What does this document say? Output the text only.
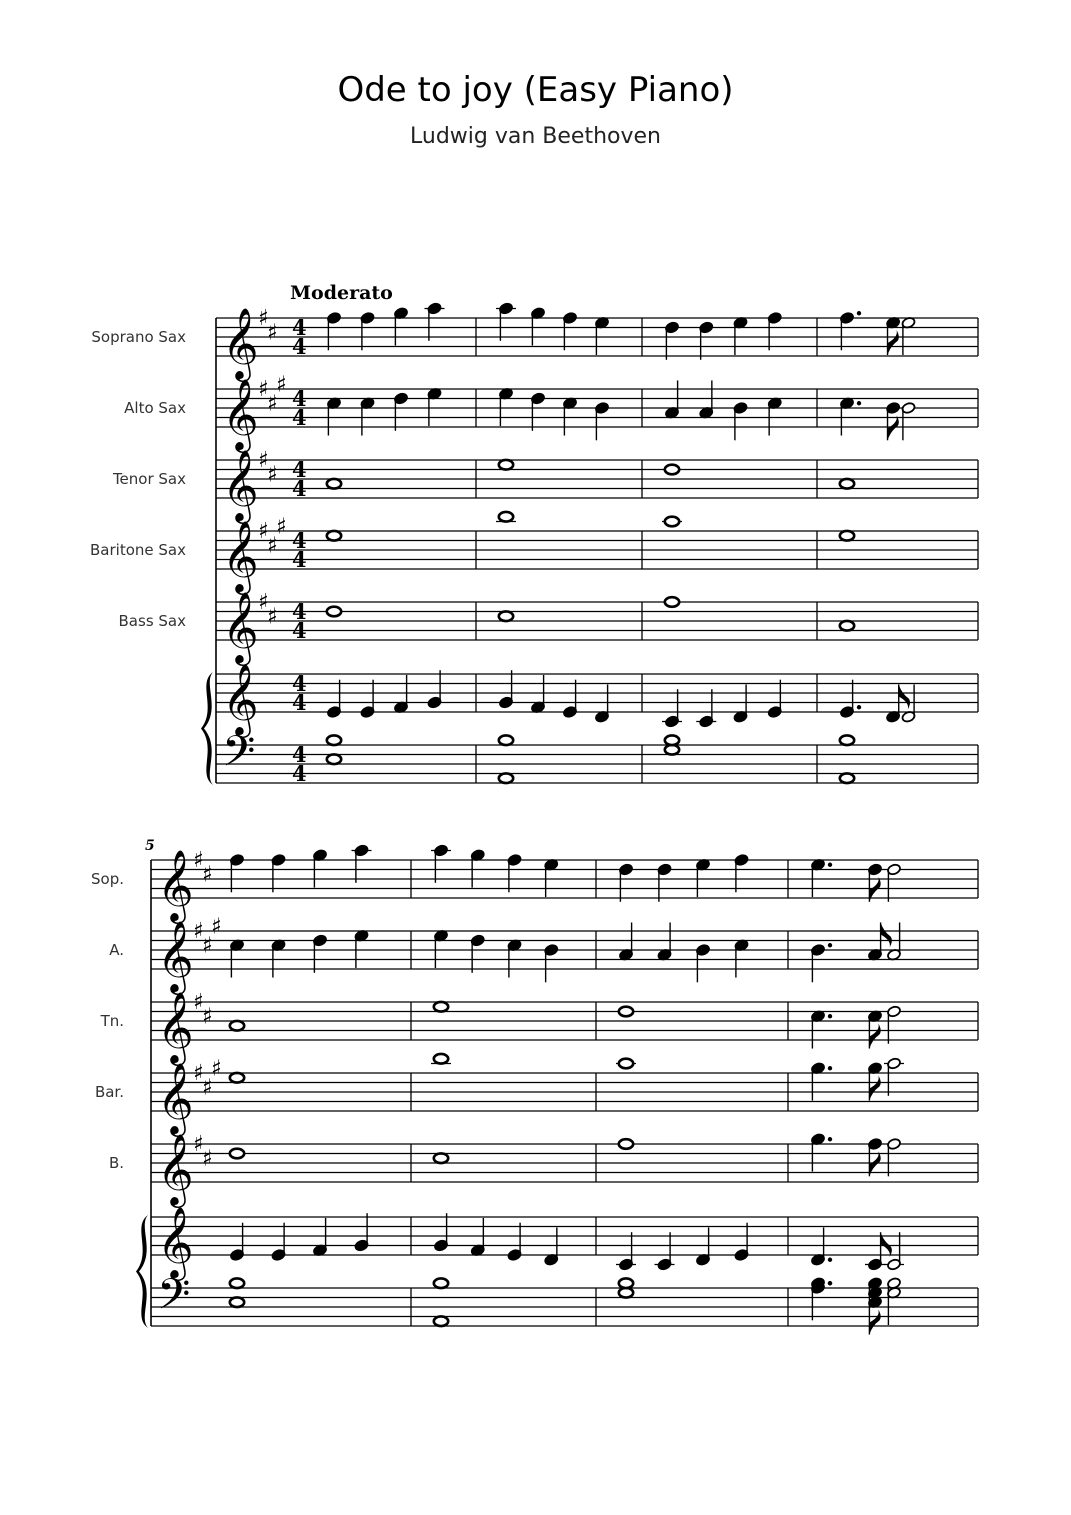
Ode to joy (Easy Piano)
Ludwig van Beethoven
Moderato
5
𝄞 ♯
♯ 4
4
Soprano Sax
𝄞 ♯
♯
♯
4
4
Alto Sax
𝄞 ♯
♯ 4
4
Tenor Sax
𝄞 ♯
♯
♯
4
4
Baritone Sax
𝄞 ♯
♯ 4
4
Bass Sax
𝄞 4
4
𝄢 4
4
𝄞 ♯
♯
Sop.
𝄞 ♯
♯
♯
A.
𝄞 ♯
♯
Tn.
𝄞 ♯
♯
♯
Bar.
𝄞 ♯
♯
B.
𝄞
𝄢
